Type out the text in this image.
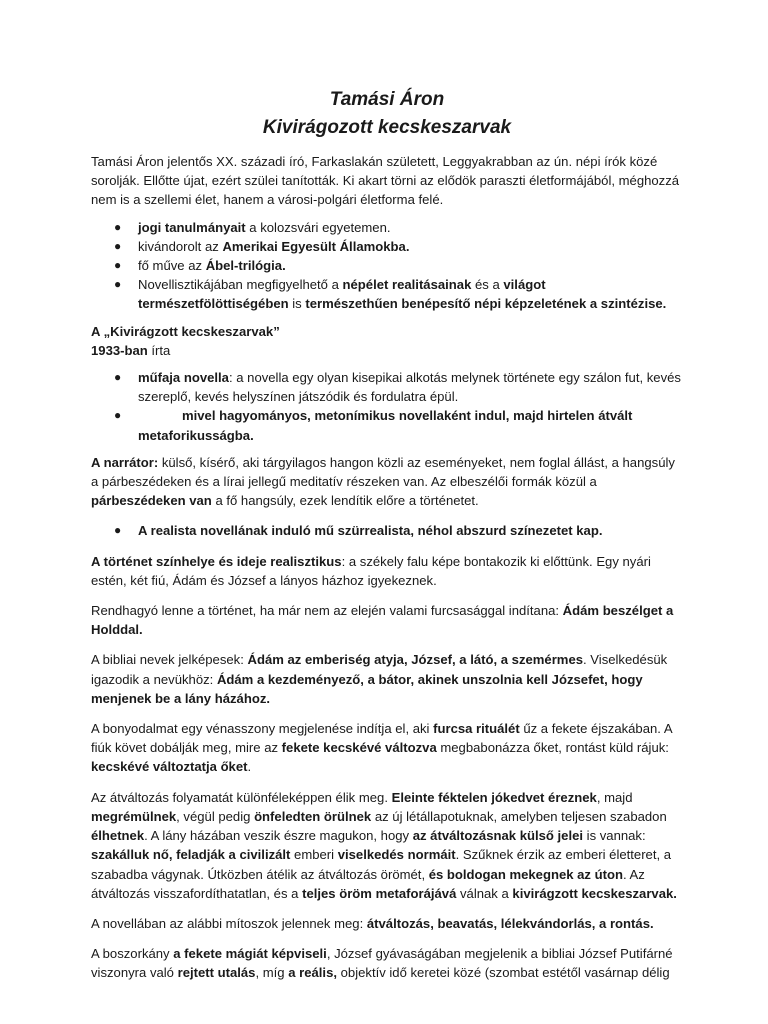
Tamási Áron
Kivirágozott kecskeszarvak

Tamási Áron jelentős XX. századi író, Farkaslakán született, Leggyakrabban az ún. népi írók közé sorolják. Ellőtte újat, ezért szülei tanították. Ki akart törni az elődök paraszti életformájából, méghozzá nem is a szellemi élet, hanem a városi-polgári életforma felé.

● jogi tanulmányait a kolozsvári egyetemen.
● kivándorolt az Amerikai Egyesült Államokba.
● fő műve az Ábel-trilógia.
● Novellisztikájában megfigyelhető a népélet realitásainak és a világot természetfölöttiségében is természethűen benépesítő népi képzeletének a szintézise.
A „Kivirágzott kecskeszarvak”

1933-ban írta

● műfaja novella: a novella egy olyan kisepikai alkotás melynek története egy szálon fut, kevés szereplő, kevés helyszínen játszódik és fordulatra épül.
●	mivel hagyományos, metonímikus novellaként indul, majd hirtelen átvált metaforikusságba.

A narrátor: külső, kísérő, aki tárgyilagos hangon közli az eseményeket, nem foglal állást, a hangsúly a párbeszédeken és a lírai jellegű meditatív részeken van. Az elbeszélői formák közül a párbeszédeken van a fő hangsúly, ezek lendítik előre a történetet.

● A realista novellának induló mű szürrealista, néhol abszurd színezetet kap.

A történet színhelye és ideje realisztikus: a székely falu képe bontakozik ki előttünk. Egy nyári estén, két fiú, Ádám és József a lányos házhoz igyekeznek.

Rendhagyó lenne a történet, ha már nem az elején valami furcsasággal indítana: Ádám beszélget a Holddal.

A bibliai nevek jelképesek: Ádám az emberiség atyja, József, a látó, a szemérmes. Viselkedésük igazodik a nevükhöz: Ádám a kezdeményező, a bátor, akinek unszolnia kell Józsefet, hogy menjenek be a lány házához.

A bonyodalmat egy vénasszony megjelenése indítja el, aki furcsa rituálét űz a fekete éjszakában. A fiúk követ dobálják meg, mire az fekete kecskévé változva megbabonázza őket, rontást küld rájuk: kecskévé változtatja őket.

Az átváltozás folyamatát különféleképpen élik meg. Eleinte féktelen jókedvet éreznek, majd megrémülnek, végül pedig önfeledten örülnek az új létállapotuknak, amelyben teljesen szabadon élhetnek. A lány házában veszik észre magukon, hogy az átváltozásnak külső jelei is vannak: szakálluk nő, feladják a civilizált emberi viselkedés normáit. Szűknek érzik az emberi életteret, a szabadba vágynak. Útközben átélik az átváltozás örömét, és boldogan mekegnek az úton. Az átváltozás visszafordíthatatlan, és a teljes öröm metaforájává válnak a kivirágzott kecskeszarvak.

A novellában az alábbi mítoszok jelennek meg: átváltozás, beavatás, lélekvándorlás, a rontás.

A boszorkány a fekete mágiát képviseli, József gyávaságában megjelenik a bibliai József Putifárné viszonyra való rejtett utalás, míg a reális, objektív idő keretei közé (szombat estétől vasárnap délig
